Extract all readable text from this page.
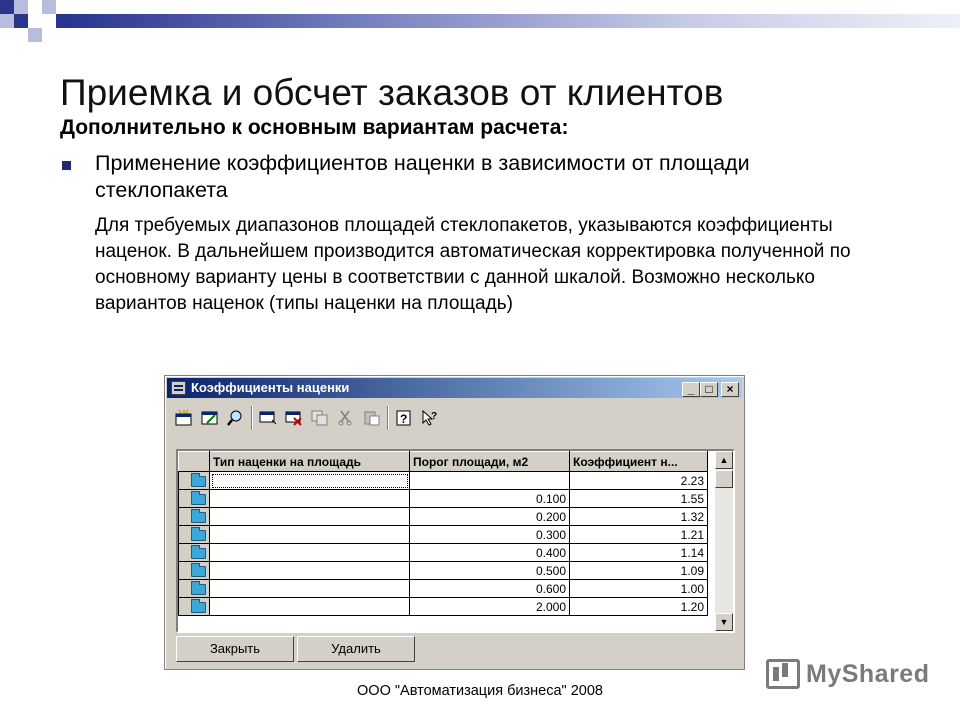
Приемка и обсчет заказов от клиентов
Дополнительно к основным вариантам расчета:
Применение коэффициентов наценки в зависимости от площади стеклопакета
Для требуемых диапазонов площадей стеклопакетов, указываются коэффициенты наценок. В дальнейшем производится автоматическая корректировка полученной по основному варианту цены в соответствии с данной шкалой. Возможно несколько вариантов наценок (типы наценки на площадь)
Коэффициенты наценки	_ □	×
? ?
	Тип наценки на площадь	Порог площади, м2	Коэффициент н...
			2.23
		0.100	1.55
		0.200	1.32
		0.300	1.21
		0.400	1.14
		0.500	1.09
		0.600	1.00
		2.000	1.20
▲
▼
Закрыть	Удалить
MyShared
ООО "Автоматизация бизнеса" 2008
